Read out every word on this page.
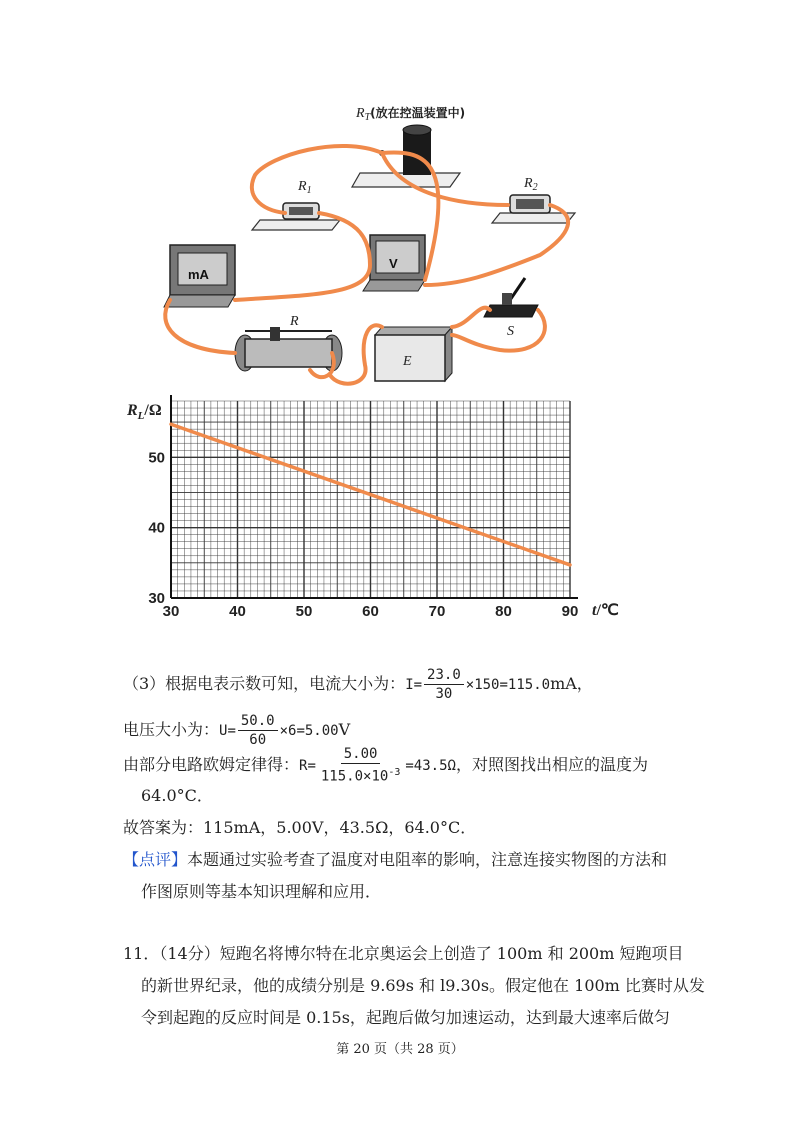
$R_T$(放在控温装置中)
$R_1$	$R_2$
mA
V
S
R
E
30	40	50	60	70	80	90
30
40
50
$R_L/\Omega$
t/℃
（3）根据电表示数可知，电流大小为：$I= \frac{23.0}{30} \times 150=115.0mA$，
电压大小为：$U= \frac{50.0}{60} \times 6=5.00V$
由部分电路欧姆定律得：$R= \frac{5.00}{115.0\times 10^{-3}} =43.5\Omega$，对照图找出相应的温度为
64.0°C．
故答案为：115mA，5.00V，43.5Ω，64.0°C．
【点评】本题通过实验考查了温度对电阻率的影响，注意连接实物图的方法和
作图原则等基本知识理解和应用．
11．（14分）短跑名将博尔特在北京奥运会上创造了 100m 和 200m 短跑项目
的新世界纪录，他的成绩分别是 9.69s 和 l9.30s。假定他在 100m 比赛时从发
令到起跑的反应时间是 0.15s，起跑后做匀加速运动，达到最大速率后做匀
第 20 页（共 28 页）
